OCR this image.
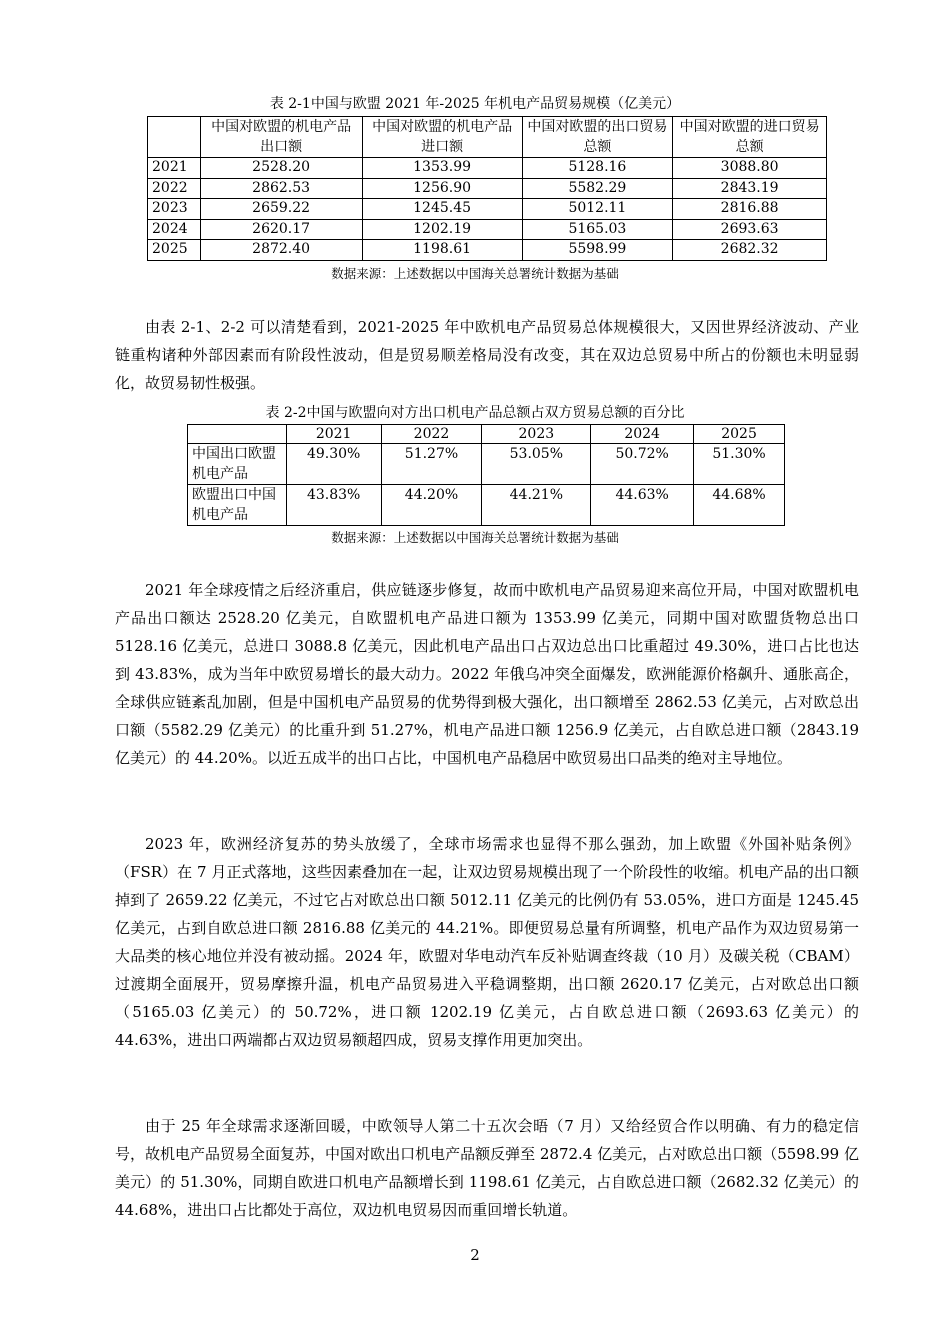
表 2-1中国与欧盟 2021 年-2025 年机电产品贸易规模（亿美元）
	中国对欧盟的机电产品出口额	中国对欧盟的机电产品进口额	中国对欧盟的出口贸易总额	中国对欧盟的进口贸易总额
2021	2528.20	1353.99	5128.16	3088.80
2022	2862.53	1256.90	5582.29	2843.19
2023	2659.22	1245.45	5012.11	2816.88
2024	2620.17	1202.19	5165.03	2693.63
2025	2872.40	1198.61	5598.99	2682.32
数据来源：上述数据以中国海关总署统计数据为基础

由表 2-1、2-2 可以清楚看到，2021-2025 年中欧机电产品贸易总体规模很大，又因世界经济波动、产业链重构诸种外部因素而有阶段性波动，但是贸易顺差格局没有改变，其在双边总贸易中所占的份额也未明显弱化，故贸易韧性极强。

表 2-2中国与欧盟向对方出口机电产品总额占双方贸易总额的百分比
	2021	2022	2023	2024	2025
中国出口欧盟机电产品	49.30%	51.27%	53.05%	50.72%	51.30%
欧盟出口中国机电产品	43.83%	44.20%	44.21%	44.63%	44.68%
数据来源：上述数据以中国海关总署统计数据为基础

2021 年全球疫情之后经济重启，供应链逐步修复，故而中欧机电产品贸易迎来高位开局，中国对欧盟机电产品出口额达 2528.20 亿美元，自欧盟机电产品进口额为 1353.99 亿美元，同期中国对欧盟货物总出口 5128.16 亿美元，总进口 3088.8 亿美元，因此机电产品出口占双边总出口比重超过 49.30%，进口占比也达到 43.83%，成为当年中欧贸易增长的最大动力。2022 年俄乌冲突全面爆发，欧洲能源价格飙升、通胀高企，全球供应链紊乱加剧，但是中国机电产品贸易的优势得到极大强化，出口额增至 2862.53 亿美元，占对欧总出口额（5582.29 亿美元）的比重升到 51.27%，机电产品进口额 1256.9 亿美元，占自欧总进口额（2843.19 亿美元）的 44.20%。以近五成半的出口占比，中国机电产品稳居中欧贸易出口品类的绝对主导地位。

2023 年，欧洲经济复苏的势头放缓了，全球市场需求也显得不那么强劲，加上欧盟《外国补贴条例》（FSR）在 7 月正式落地，这些因素叠加在一起，让双边贸易规模出现了一个阶段性的收缩。机电产品的出口额掉到了 2659.22 亿美元，不过它占对欧总出口额 5012.11 亿美元的比例仍有 53.05%，进口方面是 1245.45 亿美元，占到自欧总进口额 2816.88 亿美元的 44.21%。即便贸易总量有所调整，机电产品作为双边贸易第一大品类的核心地位并没有被动摇。2024 年，欧盟对华电动汽车反补贴调查终裁（10 月）及碳关税（CBAM）过渡期全面展开，贸易摩擦升温，机电产品贸易进入平稳调整期，出口额 2620.17 亿美元，占对欧总出口额（5165.03 亿美元）的 50.72%，进口额 1202.19 亿美元，占自欧总进口额（2693.63 亿美元）的 44.63%，进出口两端都占双边贸易额超四成，贸易支撑作用更加突出。

由于 25 年全球需求逐渐回暖，中欧领导人第二十五次会晤（7 月）又给经贸合作以明确、有力的稳定信号，故机电产品贸易全面复苏，中国对欧出口机电产品额反弹至 2872.4 亿美元，占对欧总出口额（5598.99 亿美元）的 51.30%，同期自欧进口机电产品额增长到 1198.61 亿美元，占自欧总进口额（2682.32 亿美元）的 44.68%，进出口占比都处于高位，双边机电贸易因而重回增长轨道。

2
